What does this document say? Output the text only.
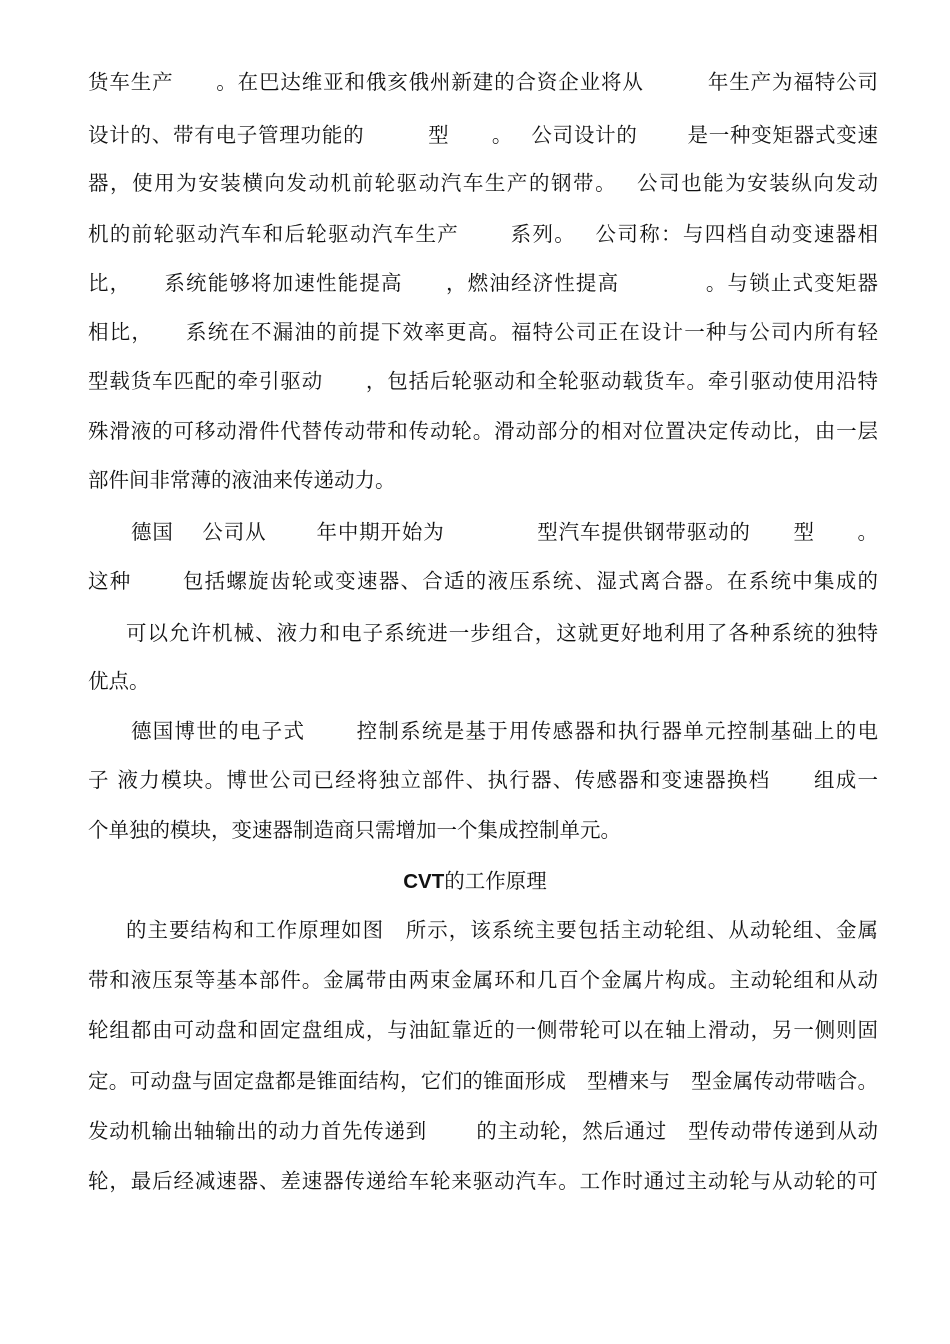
货车生产　　。在巴达维亚和俄亥俄州新建的合资企业将从　　　年生产为福特公司
设计的、带有电子管理功能的　　　型　　。　 公司设计的　　 是一种变矩器式变速
器，使用为安装横向发动机前轮驱动汽车生产的钢带。　 公司也能为安装纵向发动
机的前轮驱动汽车和后轮驱动汽车生产　　 系列。　 公司称：与四档自动变速器相
比，　　系统能够将加速性能提高　　，燃油经济性提高　　　　。与锁止式变矩器
相比，　　系统在不漏油的前提下效率更高。福特公司正在设计一种与公司内所有轻
型载货车匹配的牵引驱动　　，包括后轮驱动和全轮驱动载货车。牵引驱动使用沿特
殊滑液的可移动滑件代替传动带和传动轮。滑动部分的相对位置决定传动比，由一层
部件间非常薄的液油来传递动力。
德国　 公司从　　 年中期开始为　　　　 型汽车提供钢带驱动的　　型　　。
这种　　 包括螺旋齿轮或变速器、合适的液压系统、湿式离合器。在系统中集成的
可以允许机械、液力和电子系统进一步组合，这就更好地利用了各种系统的独特
优点。
德国博世的电子式　　 控制系统是基于用传感器和执行器单元控制基础上的电
子 液力模块。博世公司已经将独立部件、执行器、传感器和变速器换档　　组成一
个单独的模块，变速器制造商只需增加一个集成控制单元。
CVT的工作原理
的主要结构和工作原理如图　所示，该系统主要包括主动轮组、从动轮组、金属
带和液压泵等基本部件。金属带由两束金属环和几百个金属片构成。主动轮组和从动
轮组都由可动盘和固定盘组成，与油缸靠近的一侧带轮可以在轴上滑动，另一侧则固
定。可动盘与固定盘都是锥面结构，它们的锥面形成　型槽来与　型金属传动带啮合。
发动机输出轴输出的动力首先传递到　　 的主动轮，然后通过　型传动带传递到从动
轮，最后经减速器、差速器传递给车轮来驱动汽车。工作时通过主动轮与从动轮的可
